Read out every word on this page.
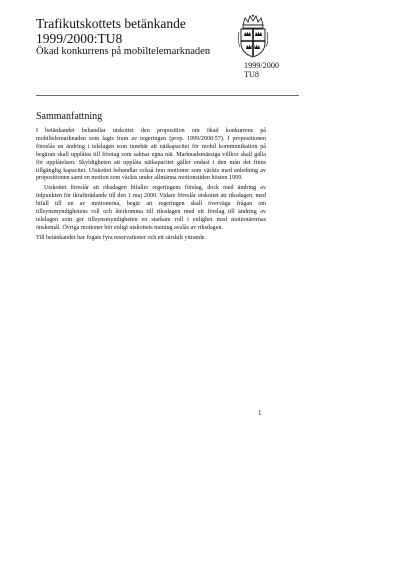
Trafikutskottets betänkande
1999/2000:TU8
Ökad konkurrens på mobiltelemarknaden
1999/2000
TU8
Sammanfattning

I betänkandet behandlar utskottet den proposition om ökad konkurrens på mobiltelemarknaden som lagts fram av regeringen (prop. 1999/2000:57). I propositionen föreslås en ändring i telelagen som innebär att nätkapacitet för mobil kommunikation på begäran skall upplåtas till företag som saknar egna nät. Marknadsmässiga villkor skall gälla för upplåtelsen. Skyldigheten att upplåta nätkapacitet gäller endast i den mån det finns tillgänglig kapacitet. Utskottet behandlar också fem motioner som väckts med anledning av propositionen samt en motion som väckts under allmänna motionstiden hösten 1999.

Utskottet föreslår att riksdagen bifaller regeringens förslag, dock med ändring av tidpunkten för ikraftträdande till den 1 maj 2000. Vidare föreslår utskottet att riksdagen, med bifall till en av motionerna, begär att regeringen skall överväga frågan om tillsynsmyndighetens roll och återkomma till riksdagen med ett förslag till ändring av telelagen som ger tillsynsmyndigheten en starkare roll i enlighet med motionärernas önskemål. Övriga motioner bör enligt utskottets mening avslås av riksdagen.

Till betänkandet har fogats fyra reservationer och ett särskilt yttrande.

1
